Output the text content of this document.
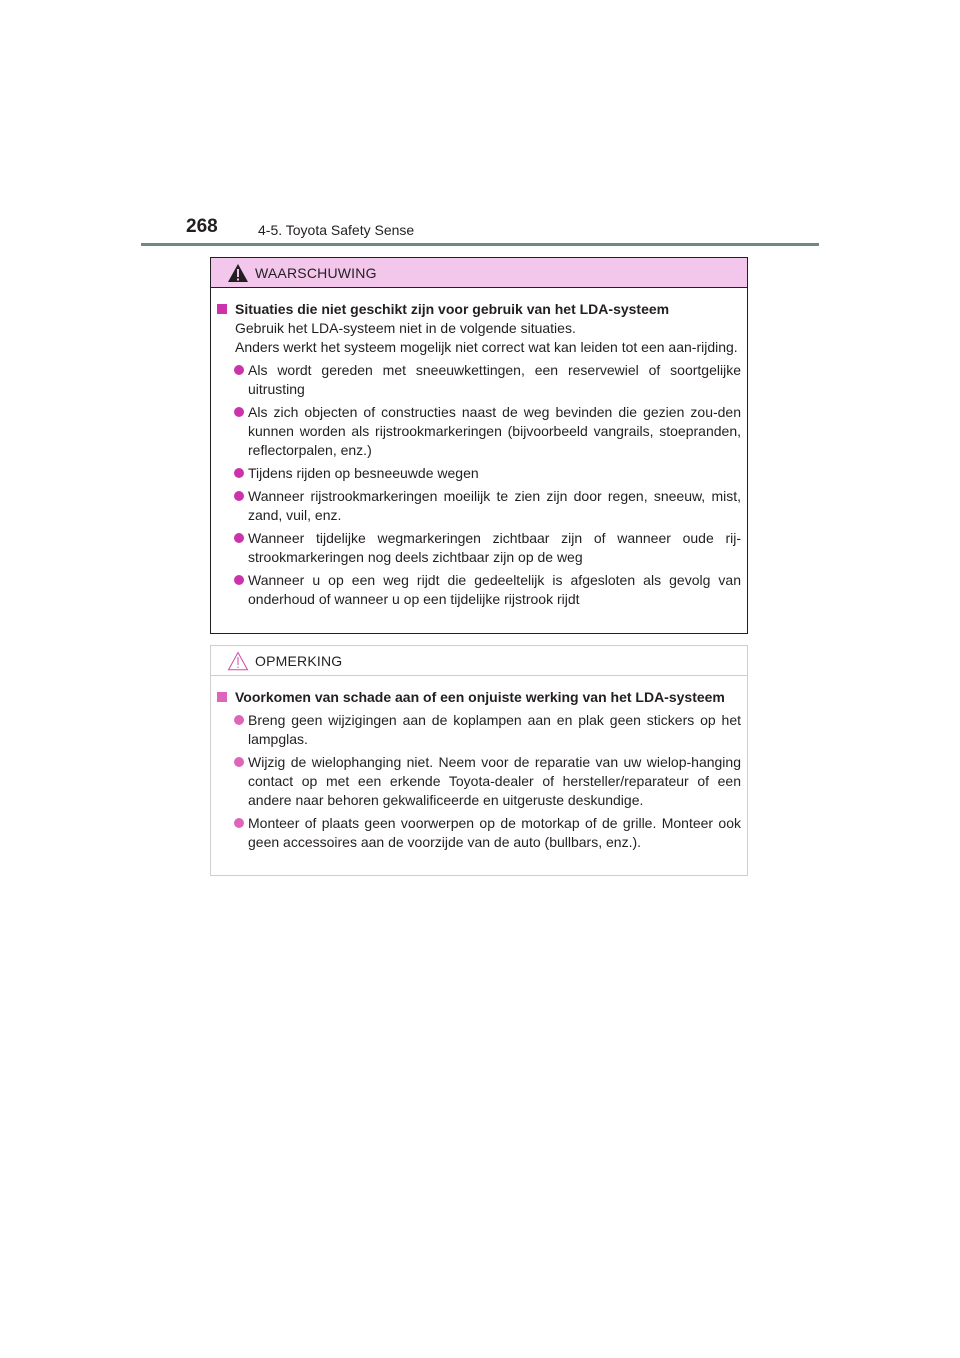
268	4-5. Toyota Safety Sense
WAARSCHUWING
Situaties die niet geschikt zijn voor gebruik van het LDA-systeem
Gebruik het LDA-systeem niet in de volgende situaties.
Anders werkt het systeem mogelijk niet correct wat kan leiden tot een aan-rijding.
Als wordt gereden met sneeuwkettingen, een reservewiel of soortgelijke uitrusting
Als zich objecten of constructies naast de weg bevinden die gezien zou-den kunnen worden als rijstrookmarkeringen (bijvoorbeeld vangrails, stoepranden, reflectorpalen, enz.)
Tijdens rijden op besneeuwde wegen
Wanneer rijstrookmarkeringen moeilijk te zien zijn door regen, sneeuw, mist, zand, vuil, enz.
Wanneer tijdelijke wegmarkeringen zichtbaar zijn of wanneer oude rij-strookmarkeringen nog deels zichtbaar zijn op de weg
Wanneer u op een weg rijdt die gedeeltelijk is afgesloten als gevolg van onderhoud of wanneer u op een tijdelijke rijstrook rijdt
OPMERKING
Voorkomen van schade aan of een onjuiste werking van het LDA-systeem
Breng geen wijzigingen aan de koplampen aan en plak geen stickers op het lampglas.
Wijzig de wielophanging niet. Neem voor de reparatie van uw wielop-hanging contact op met een erkende Toyota-dealer of hersteller/reparateur of een andere naar behoren gekwalificeerde en uitgeruste deskundige.
Monteer of plaats geen voorwerpen op de motorkap of de grille. Monteer ook geen accessoires aan de voorzijde van de auto (bullbars, enz.).
